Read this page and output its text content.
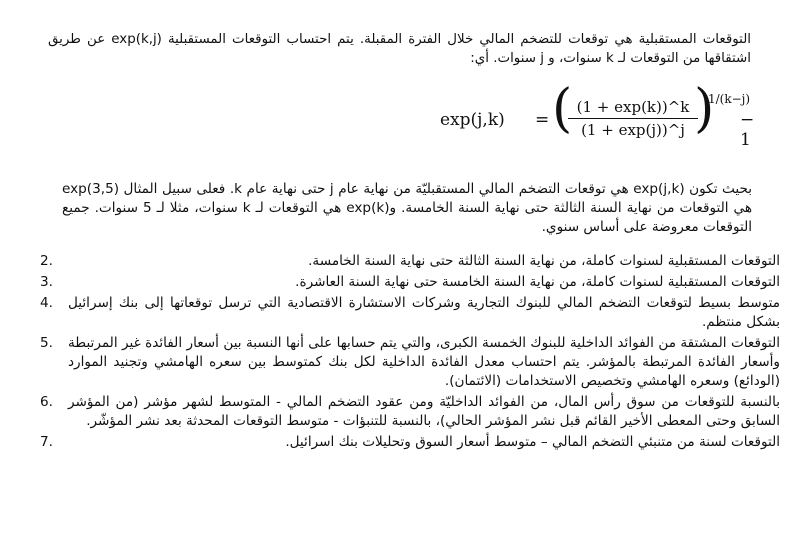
التوقعات المستقبلية هي توقعات للتضخم المالي خلال الفترة المقبلة. يتم احتساب التوقعات المستقبلية (k,j)exp عن طريق اشتقاقها من التوقعات لـ k سنوات، و j سنوات. أي:
exp(j,k) = (
$\frac{(1 + \exp(k))\^{}k}{(1 + \exp(j))\^{}j}$
)
1/(k−j)
− 1
بحيث تكون (j,k)exp هي توقعات التضخم المالي المستقبليّة من نهاية عام j حتى نهاية عام k. فعلى سبيل المثال exp(3,5) هي التوقعات من نهاية السنة الثالثة حتى نهاية السنة الخامسة. و(k)exp هي التوقعات لـ k سنوات، مثلا لـ 5 سنوات. جميع التوقعات معروضة على أساس سنوي.
التوقعات المستقبلية لسنوات كاملة، من نهاية السنة الثالثة حتى نهاية السنة الخامسة.
2.
التوقعات المستقبلية لسنوات كاملة، من نهاية السنة الخامسة حتى نهاية السنة العاشرة.
3.
متوسط بسيط لتوقعات التضخم المالي للبنوك التجارية وشركات الاستشارة الاقتصادية التي ترسل توقعاتها إلى بنك إسرائيل بشكل منتظم.
4.
التوقعات المشتقة من الفوائد الداخلية للبنوك الخمسة الكبرى، والتي يتم حسابها على أنها النسبة بين أسعار الفائدة غير المرتبطة وأسعار الفائدة المرتبطة بالمؤشر. يتم احتساب معدل الفائدة الداخلية لكل بنك كمتوسط بين سعره الهامشي وتجنيد الموارد (الودائع) وسعره الهامشي وتخصيص الاستخدامات (الائتمان).
5.
بالنسبة للتوقعات من سوق رأس المال، من الفوائد الداخليّة ومن عقود التضخم المالي - المتوسط لشهر مؤشر (من المؤشر السابق وحتى المعطى الأخير القائم قبل نشر المؤشر الحالي)، بالنسبة للتنبؤات - متوسط التوقعات المحدثة بعد نشر المؤشّر.
6.
التوقعات لسنة من متنبئي التضخم المالي – متوسط أسعار السوق وتحليلات بنك اسرائيل.
7.
